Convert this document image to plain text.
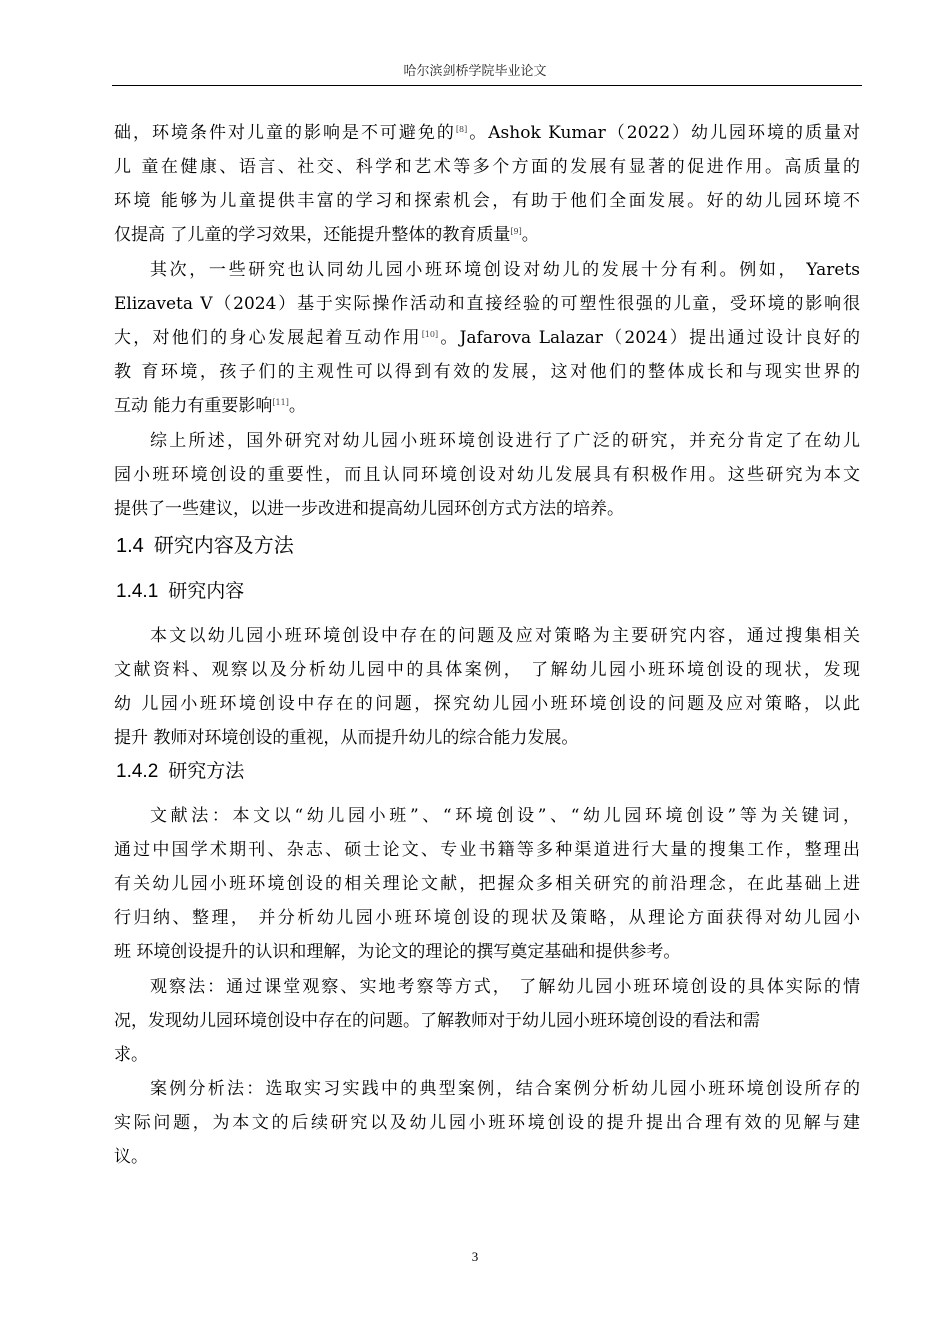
哈尔滨剑桥学院毕业论文
础，环境条件对儿童的影响是不可避免的[8]。Ashok Kumar（2022）幼儿园环境的质量对
儿 童在健康、语言、社交、科学和艺术等多个方面的发展有显著的促进作用。高质量的
环境 能够为儿童提供丰富的学习和探索机会，有助于他们全面发展。好的幼儿园环境不
仅提高 了儿童的学习效果，还能提升整体的教育质量[9]。
其次，一些研究也认同幼儿园小班环境创设对幼儿的发展十分有利。例如， Yarets
Elizaveta V（2024）基于实际操作活动和直接经验的可塑性很强的儿童，受环境的影响很
大，对他们的身心发展起着互动作用[10]。Jafarova Lalazar（2024）提出通过设计良好的
教 育环境，孩子们的主观性可以得到有效的发展，这对他们的整体成长和与现实世界的
互动 能力有重要影响[11]。
综上所述，国外研究对幼儿园小班环境创设进行了广泛的研究，并充分肯定了在幼儿
园小班环境创设的重要性，而且认同环境创设对幼儿发展具有积极作用。这些研究为本文
提供了一些建议，以进一步改进和提高幼儿园环创方式方法的培养。
1.4 研究内容及方法
1.4.1 研究内容
本文以幼儿园小班环境创设中存在的问题及应对策略为主要研究内容，通过搜集相关
文献资料、观察以及分析幼儿园中的具体案例， 了解幼儿园小班环境创设的现状，发现
幼 儿园小班环境创设中存在的问题，探究幼儿园小班环境创设的问题及应对策略，以此
提升 教师对环境创设的重视，从而提升幼儿的综合能力发展。
1.4.2 研究方法
文献法：本文以“幼儿园小班”、“环境创设”、“幼儿园环境创设”等为关键词，
通过中国学术期刊、杂志、硕士论文、专业书籍等多种渠道进行大量的搜集工作，整理出
有关幼儿园小班环境创设的相关理论文献，把握众多相关研究的前沿理念，在此基础上进
行归纳、整理， 并分析幼儿园小班环境创设的现状及策略，从理论方面获得对幼儿园小
班 环境创设提升的认识和理解，为论文的理论的撰写奠定基础和提供参考。
观察法：通过课堂观察、实地考察等方式， 了解幼儿园小班环境创设的具体实际的情
况，发现幼儿园环境创设中存在的问题。了解教师对于幼儿园小班环境创设的看法和需
求。
案例分析法：选取实习实践中的典型案例，结合案例分析幼儿园小班环境创设所存的
实际问题，为本文的后续研究以及幼儿园小班环境创设的提升提出合理有效的见解与建
议。
3
